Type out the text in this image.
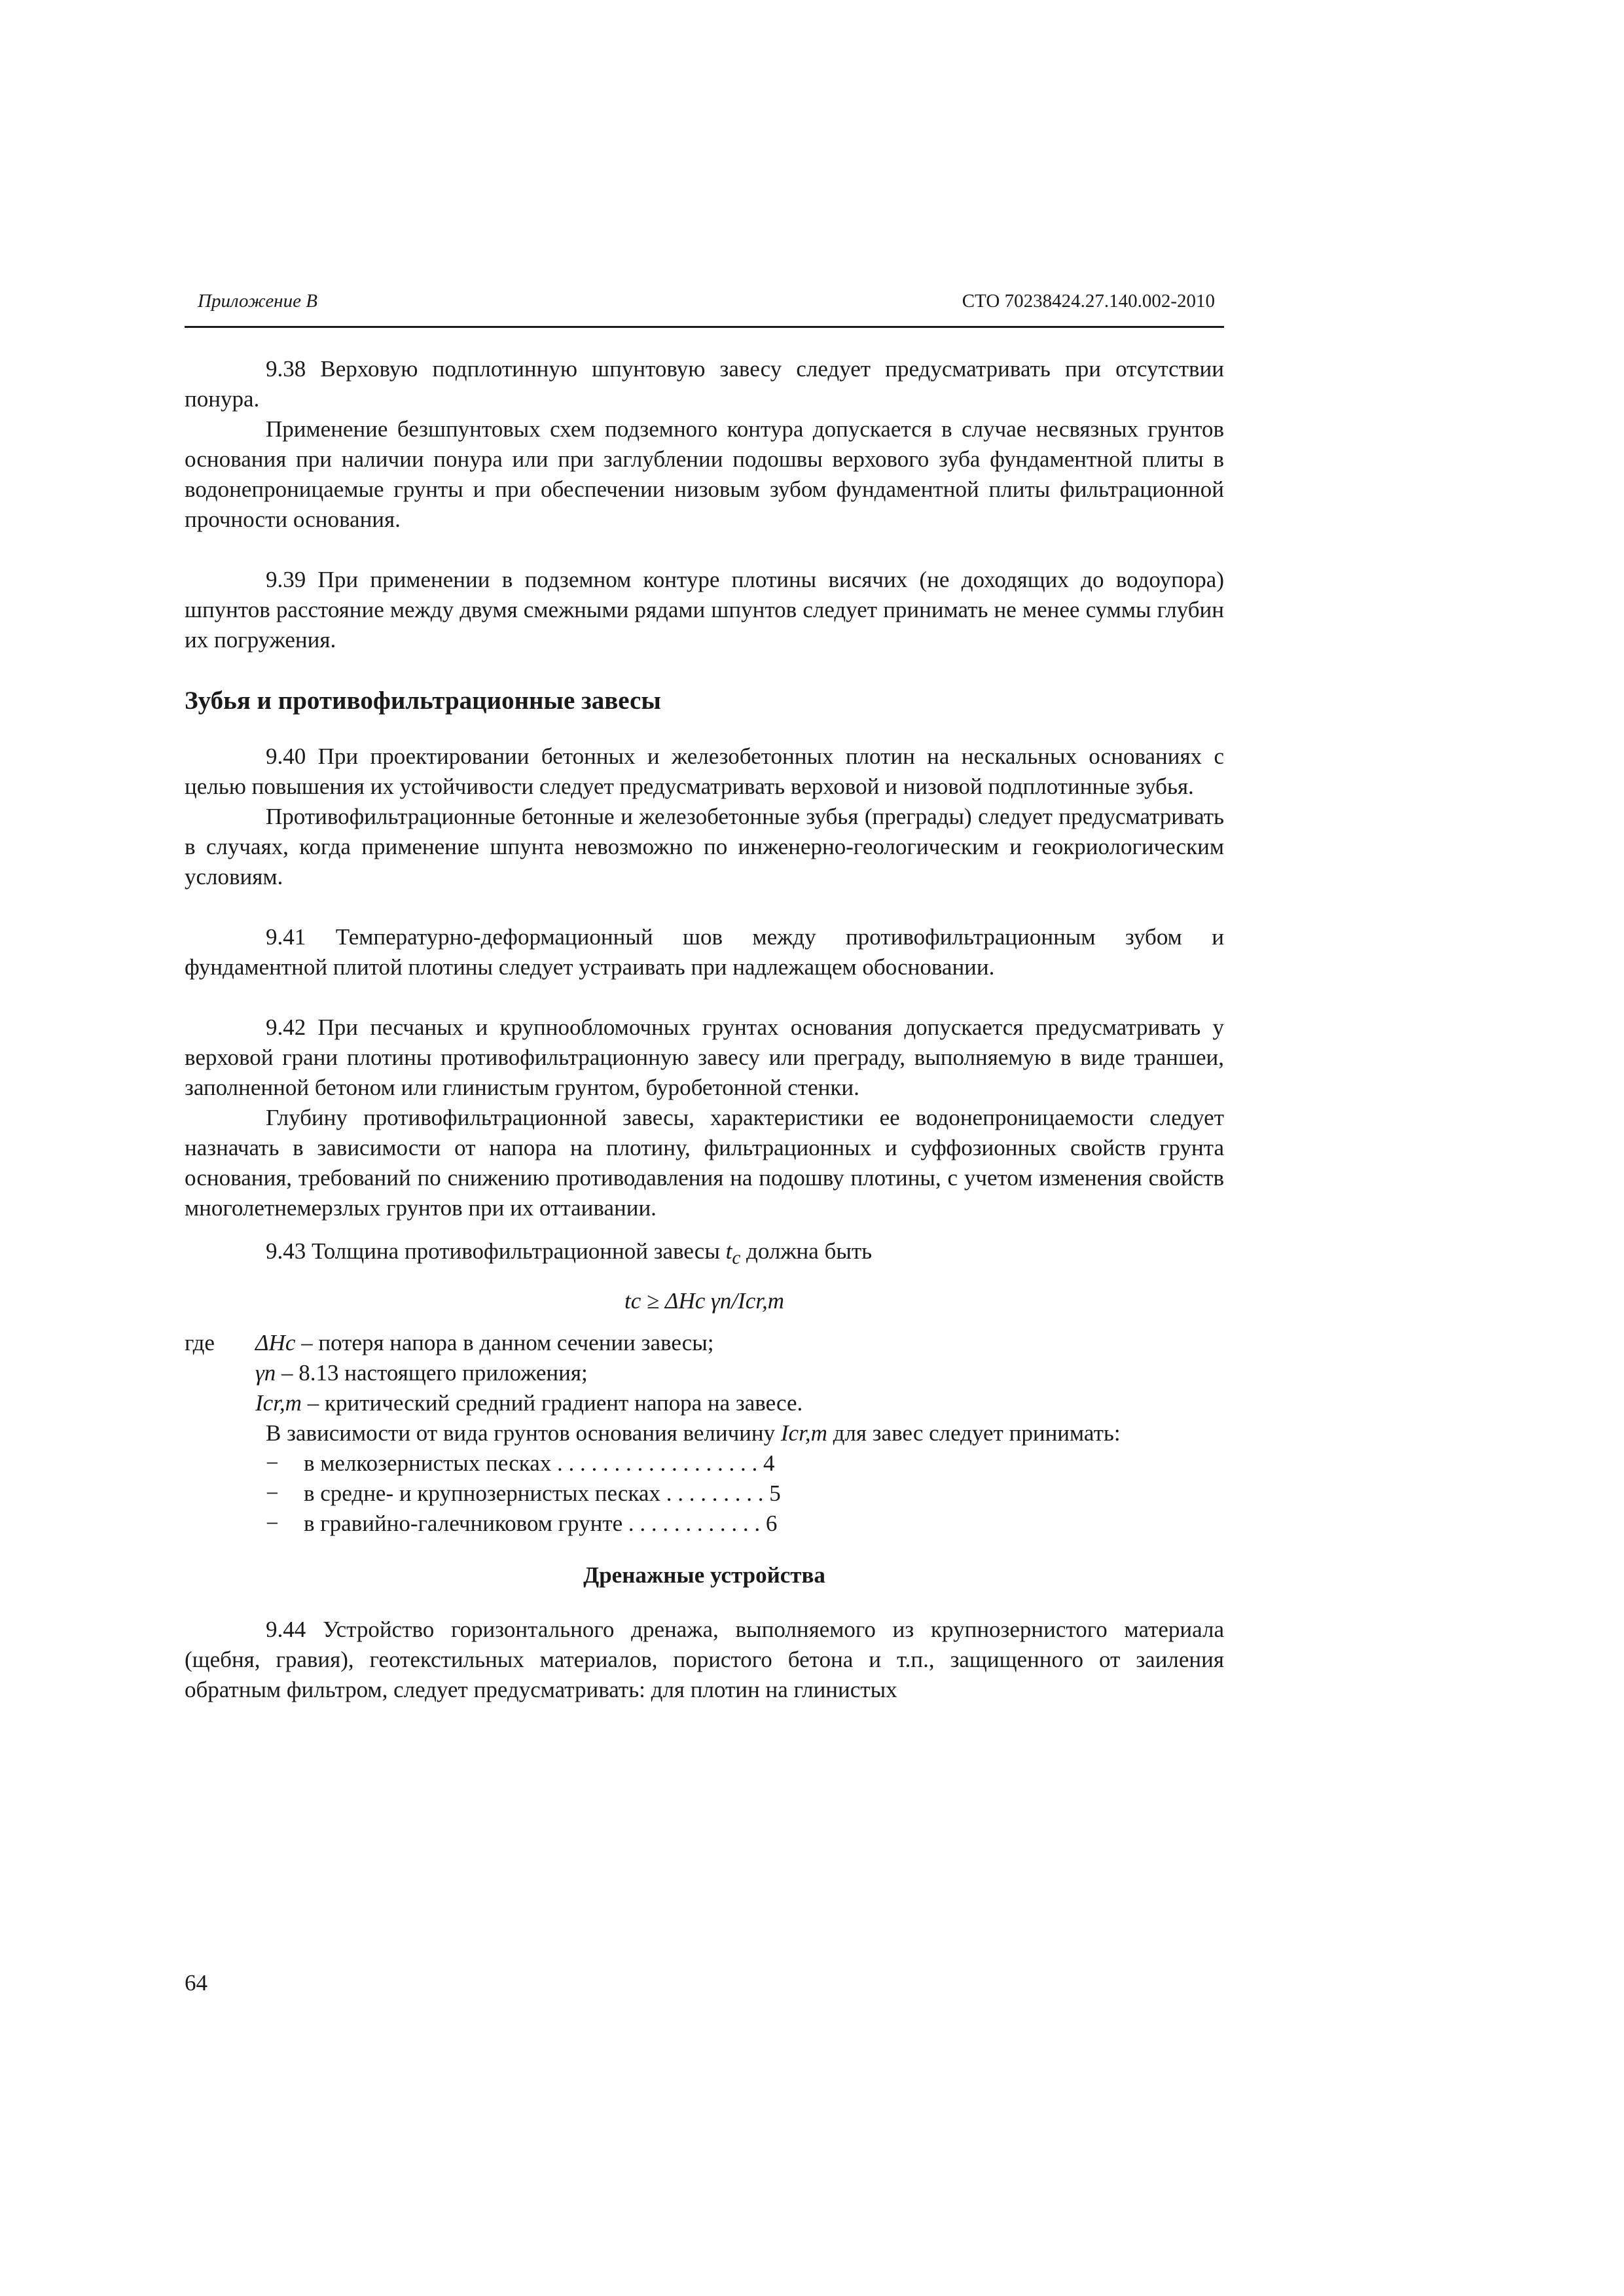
Приложение В	СТО 70238424.27.140.002-2010

9.38 Верховую подплотинную шпунтовую завесу следует предусматривать при отсутствии понура.

Применение безшпунтовых схем подземного контура допускается в случае несвязных грунтов основания при наличии понура или при заглублении подошвы верхового зуба фундаментной плиты в водонепроницаемые грунты и при обеспечении низовым зубом фундаментной плиты фильтрационной прочности основания.

9.39 При применении в подземном контуре плотины висячих (не доходящих до водоупора) шпунтов расстояние между двумя смежными рядами шпунтов следует принимать не менее суммы глубин их погружения.

Зубья и противофильтрационные завесы

9.40 При проектировании бетонных и железобетонных плотин на нескальных основаниях с целью повышения их устойчивости следует предусматривать верховой и низовой подплотинные зубья.

Противофильтрационные бетонные и железобетонные зубья (преграды) следует предусматривать в случаях, когда применение шпунта невозможно по инженерно-геологическим и геокриологическим условиям.

9.41 Температурно-деформационный шов между противофильтрационным зубом и фундаментной плитой плотины следует устраивать при надлежащем обосновании.

9.42 При песчаных и крупнообломочных грунтах основания допускается предусматривать у верховой грани плотины противофильтрационную завесу или преграду, выполняемую в виде траншеи, заполненной бетоном или глинистым грунтом, буробетонной стенки.

Глубину противофильтрационной завесы, характеристики ее водонепроницаемости следует назначать в зависимости от напора на плотину, фильтрационных и суффозионных свойств грунта основания, требований по снижению противодавления на подошву плотины, с учетом изменения свойств многолетнемерзлых грунтов при их оттаивании.

9.43 Толщина противофильтрационной завесы $t_c$ должна быть

tc ≥ ΔHc γn/Icr,m
где	ΔHc – потеря напора в данном сечении завесы;
γn – 8.13 настоящего приложения;
Icr,m – критический средний градиент напора на завесе.

В зависимости от вида грунтов основания величину Icr,m для завес следует принимать:

−	в мелкозернистых песках . . . . . . . . . . . . . . . . . . 4
−	в средне- и крупнозернистых песках . . . . . . . . . 5
−	в гравийно-галечниковом грунте . . . . . . . . . . . . 6
Дренажные устройства

9.44 Устройство горизонтального дренажа, выполняемого из крупнозернистого материала (щебня, гравия), геотекстильных материалов, пористого бетона и т.п., защищенного от заиления обратным фильтром, следует предусматривать: для плотин на глинистых

64
